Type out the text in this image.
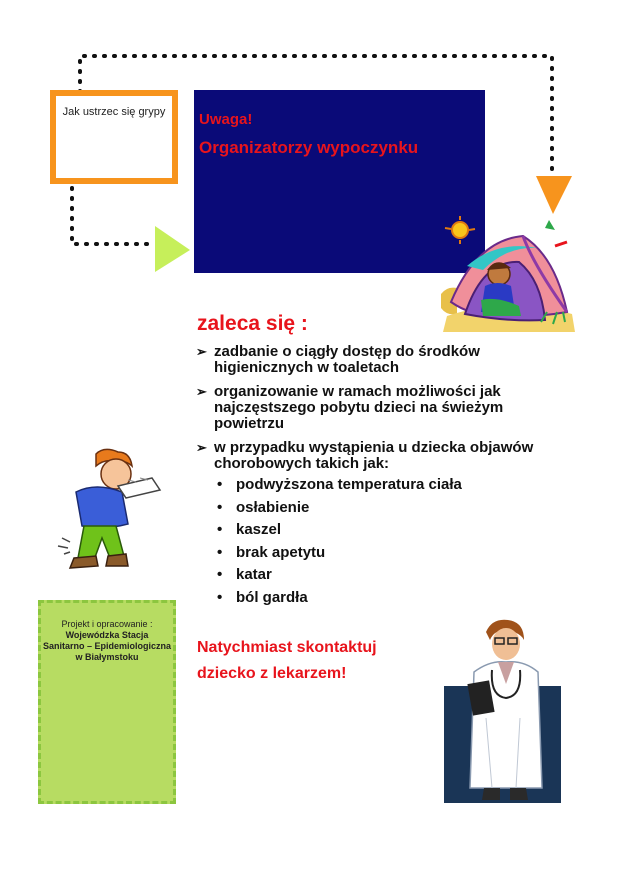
Jak ustrzec się grypy	Uwaga!
Organizatorzy wypoczynku
zaleca się :
➢ zadbanie o ciągły dostęp do środków higienicznych w toaletach
➢ organizowanie w ramach możliwości jak najczęstszego pobytu dzieci na świeżym powietrzu
➢ w przypadku wystąpienia u dziecka objawów chorobowych takich jak:
• podwyższona temperatura ciała
• osłabienie
• kaszel
• brak apetytu
• katar
• ból gardła
Projekt i opracowanie :
Wojewódzka Stacja
Sanitarno – Epidemiologiczna
w Białymstoku
Natychmiast skontaktuj dziecko z lekarzem!
